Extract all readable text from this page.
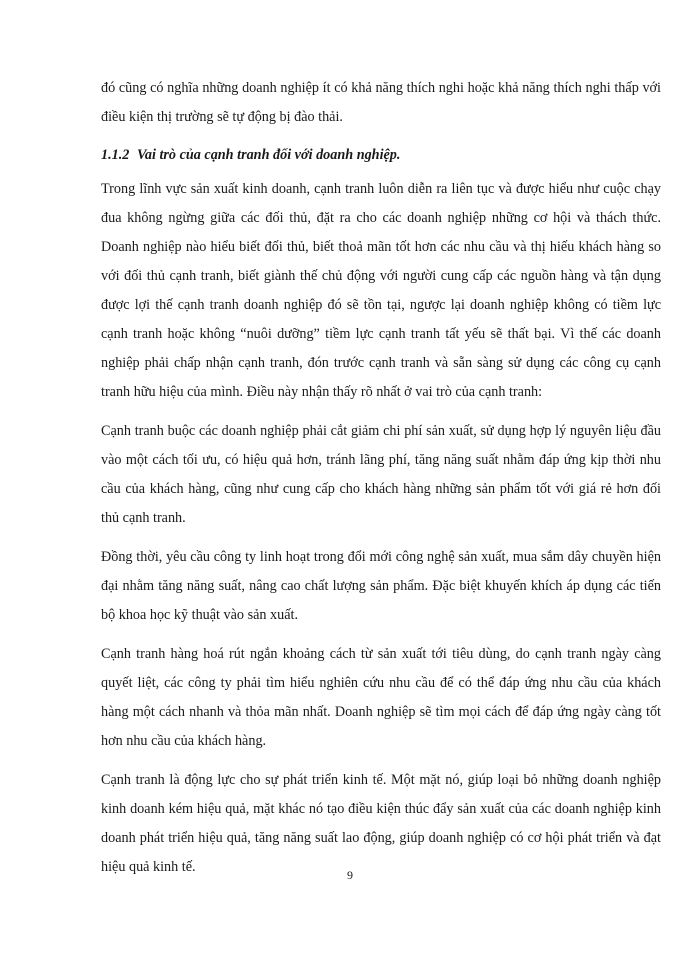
đó cũng có nghĩa những doanh nghiệp ít có khả năng thích nghi hoặc khả năng thích nghi thấp với điều kiện thị trường sẽ tự động bị đào thải.

1.1.2 Vai trò của cạnh tranh đối với doanh nghiệp.

Trong lĩnh vực sản xuất kinh doanh, cạnh tranh luôn diễn ra liên tục và được hiểu như cuộc chạy đua không ngừng giữa các đối thủ, đặt ra cho các doanh nghiệp những cơ hội và thách thức. Doanh nghiệp nào hiểu biết đối thủ, biết thoả mãn tốt hơn các nhu cầu và thị hiếu khách hàng so với đối thủ cạnh tranh, biết giành thế chủ động với người cung cấp các nguồn hàng và tận dụng được lợi thế cạnh tranh doanh nghiệp đó sẽ tồn tại, ngược lại doanh nghiệp không có tiềm lực cạnh tranh hoặc không “nuôi dưỡng” tiềm lực cạnh tranh tất yếu sẽ thất bại. Vì thế các doanh nghiệp phải chấp nhận cạnh tranh, đón trước cạnh tranh và sẵn sàng sử dụng các công cụ cạnh tranh hữu hiệu của mình. Điều này nhận thấy rõ nhất ở vai trò của cạnh tranh:

Cạnh tranh buộc các doanh nghiệp phải cắt giảm chi phí sản xuất, sử dụng hợp lý nguyên liệu đầu vào một cách tối ưu, có hiệu quả hơn, tránh lãng phí, tăng năng suất nhằm đáp ứng kịp thời nhu cầu của khách hàng, cũng như cung cấp cho khách hàng những sản phẩm tốt với giá rẻ hơn đối thủ cạnh tranh.

Đồng thời, yêu cầu công ty linh hoạt trong đổi mới công nghệ sản xuất, mua sắm dây chuyền hiện đại nhằm tăng năng suất, nâng cao chất lượng sản phẩm. Đặc biệt khuyến khích áp dụng các tiến bộ khoa học kỹ thuật vào sản xuất.

Cạnh tranh hàng hoá rút ngắn khoảng cách từ sản xuất tới tiêu dùng, do cạnh tranh ngày càng quyết liệt, các công ty phải tìm hiểu nghiên cứu nhu cầu để có thể đáp ứng nhu cầu của khách hàng một cách nhanh và thỏa mãn nhất. Doanh nghiệp sẽ tìm mọi cách để đáp ứng ngày càng tốt hơn nhu cầu của khách hàng.

Cạnh tranh là động lực cho sự phát triển kinh tế. Một mặt nó, giúp loại bỏ những doanh nghiệp kinh doanh kém hiệu quả, mặt khác nó tạo điều kiện thúc đẩy sản xuất của các doanh nghiệp kinh doanh phát triển hiệu quả, tăng năng suất lao động, giúp doanh nghiệp có cơ hội phát triển và đạt hiệu quả kinh tế.	9
